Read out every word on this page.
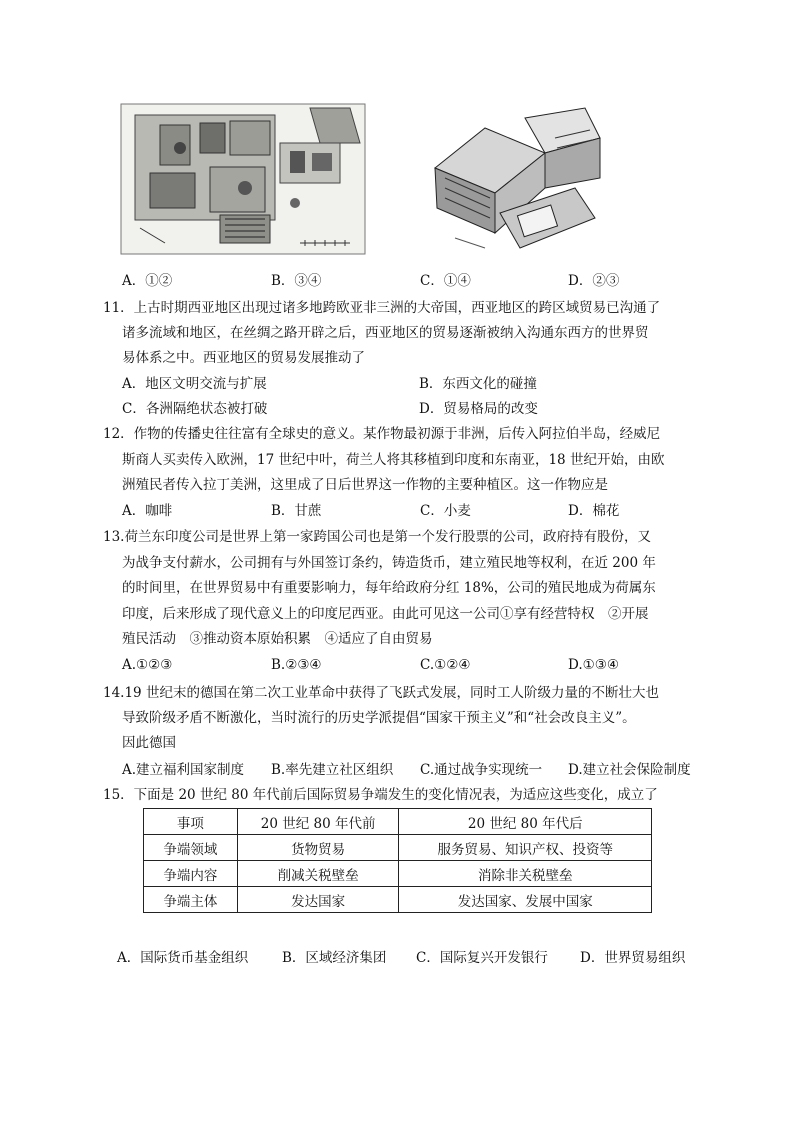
A．①②	B．③④	C．①④	D．②③
11．上古时期西亚地区出现过诸多地跨欧亚非三洲的大帝国，西亚地区的跨区域贸易已沟通了
诸多流域和地区，在丝绸之路开辟之后，西亚地区的贸易逐渐被纳入沟通东西方的世界贸
易体系之中。西亚地区的贸易发展推动了
A．地区文明交流与扩展	B．东西文化的碰撞
C．各洲隔绝状态被打破	D．贸易格局的改变
12．作物的传播史往往富有全球史的意义。某作物最初源于非洲，后传入阿拉伯半岛，经威尼
斯商人买卖传入欧洲，17 世纪中叶，荷兰人将其移植到印度和东南亚，18 世纪开始，由欧
洲殖民者传入拉丁美洲，这里成了日后世界这一作物的主要种植区。这一作物应是
A．咖啡	B．甘蔗	C．小麦	D．棉花
13.荷兰东印度公司是世界上第一家跨国公司也是第一个发行股票的公司，政府持有股份，又
为战争支付薪水，公司拥有与外国签订条约，铸造货币，建立殖民地等权利，在近 200 年
的时间里，在世界贸易中有重要影响力，每年给政府分红 18%，公司的殖民地成为荷属东
印度，后来形成了现代意义上的印度尼西亚。由此可见这一公司①享有经营特权　②开展
殖民活动　③推动资本原始积累　④适应了自由贸易
A.①②③	B.②③④	C.①②④	D.①③④
14.19 世纪末的德国在第二次工业革命中获得了飞跃式发展，同时工人阶级力量的不断壮大也
导致阶级矛盾不断激化，当时流行的历史学派提倡“国家干预主义”和“社会改良主义”。
因此德国
A.建立福利国家制度 B.率先建立社区组织 C.通过战争实现统一 D.建立社会保险制度
15．下面是 20 世纪 80 年代前后国际贸易争端发生的变化情况表，为适应这些变化，成立了
事项	20 世纪 80 年代前	20 世纪 80 年代后
争端领域	货物贸易	服务贸易、知识产权、投资等
争端内容	削减关税壁垒	消除非关税壁垒
争端主体	发达国家	发达国家、发展中国家
A．国际货币基金组织	B．区域经济集团 C．国际复兴开发银行 D．世界贸易组织
